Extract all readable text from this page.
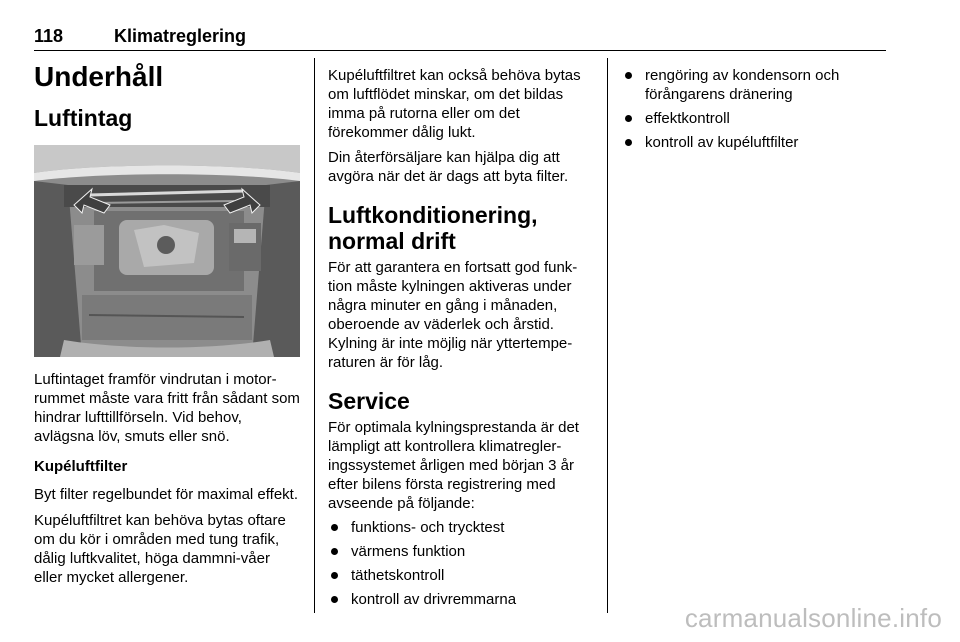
118	Klimatreglering
Underhåll
Luftintag

Luftintaget framför vindrutan i motor-rummet måste vara fritt från sådant som hindrar lufttillförseln. Vid behov, avlägsna löv, smuts eller snö.

Kupéluftfilter

Byt filter regelbundet för maximal effekt.

Kupéluftfiltret kan behöva bytas oftare om du kör i områden med tung trafik, dålig luftkvalitet, höga dammni-våer eller mycket allergener.

Kupéluftfiltret kan också behöva bytas om luftflödet minskar, om det bildas imma på rutorna eller om det förekommer dålig lukt.

Din återförsäljare kan hjälpa dig att avgöra när det är dags att byta filter.

Luftkonditionering, normal drift

För att garantera en fortsatt god funk-tion måste kylningen aktiveras under några minuter en gång i månaden, oberoende av väderlek och årstid. Kylning är inte möjlig när yttertempe-raturen är för låg.

Service

För optimala kylningsprestanda är det lämpligt att kontrollera klimatregler-ingssystemet årligen med början 3 år efter bilens första registrering med avseende på följande:

funktions- och trycktest
värmens funktion
täthetskontroll
kontroll av drivremmarna
rengöring av kondensorn och förångarens dränering
effektkontroll
kontroll av kupéluftfilter
carmanualsonline.info
